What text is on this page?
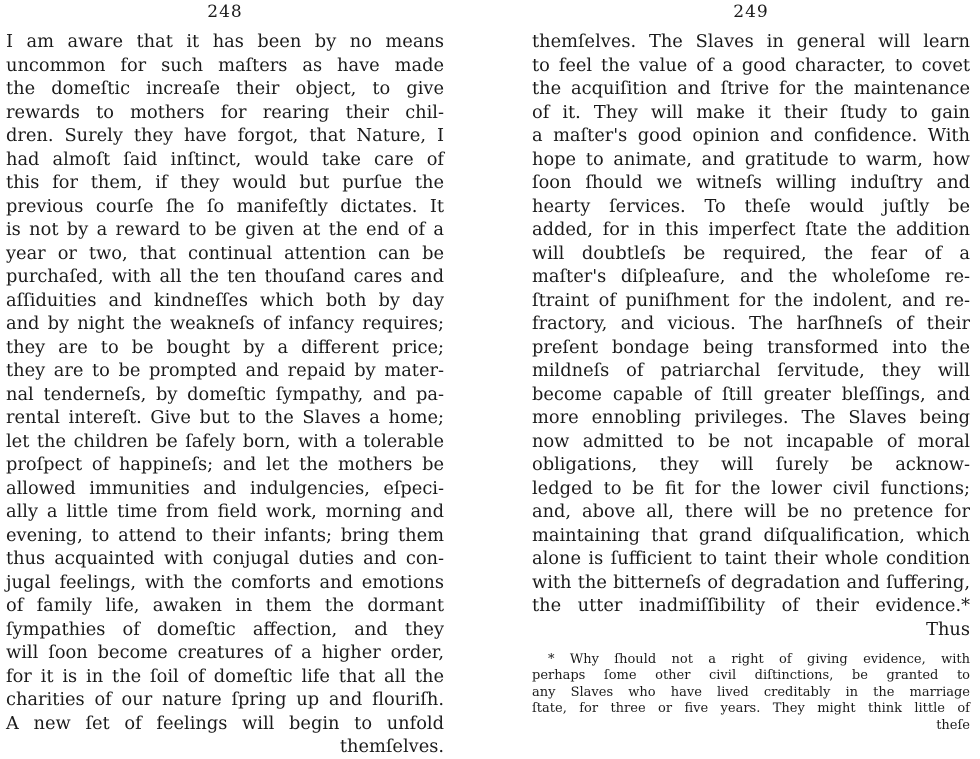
248
I am aware that it has been by no means
uncommon for such maſters as have made
the domeſtic increaſe their object, to give
rewards to mothers for rearing their chil-
dren. Surely they have forgot, that Nature, I
had almoſt ſaid inſtinct, would take care of
this for them, if they would but purſue the
previous courſe ſhe ſo manifeſtly dictates. It
is not by a reward to be given at the end of a
year or two, that continual attention can be
purchaſed, with all the ten thouſand cares and
aſſiduities and kindneſſes which both by day
and by night the weakneſs of infancy requires;
they are to be bought by a different price;
they are to be prompted and repaid by mater-
nal tenderneſs, by domeſtic ſympathy, and pa-
rental intereſt. Give but to the Slaves a home;
let the children be ſafely born, with a tolerable
proſpect of happineſs; and let the mothers be
allowed immunities and indulgencies, eſpeci-
ally a little time from field work, morning and
evening, to attend to their infants; bring them
thus acquainted with conjugal duties and con-
jugal feelings, with the comforts and emotions
of family life, awaken in them the dormant
ſympathies of domeſtic affection, and they
will ſoon become creatures of a higher order,
for it is in the ſoil of domeſtic life that all the
charities of our nature ſpring up and flouriſh.
A new ſet of feelings will begin to unfold
themſelves.
249
themſelves. The Slaves in general will learn
to feel the value of a good character, to covet
the acquiſition and ſtrive for the maintenance
of it. They will make it their ſtudy to gain
a maſter's good opinion and confidence. With
hope to animate, and gratitude to warm, how
ſoon ſhould we witneſs willing induſtry and
hearty ſervices. To theſe would juſtly be
added, for in this imperfect ſtate the addition
will doubtleſs be required, the fear of a
maſter's diſpleaſure, and the wholeſome re-
ſtraint of puniſhment for the indolent, and re-
fractory, and vicious. The harſhneſs of their
preſent bondage being transformed into the
mildneſs of patriarchal ſervitude, they will
become capable of ſtill greater bleſſings, and
more ennobling privileges. The Slaves being
now admitted to be not incapable of moral
obligations, they will ſurely be acknow-
ledged to be fit for the lower civil functions;
and, above all, there will be no pretence for
maintaining that grand diſqualification, which
alone is ſufficient to taint their whole condition
with the bitterneſs of degradation and ſuffering,
the utter inadmiſſibility of their evidence.*
Thus
* Why ſhould not a right of giving evidence, with
perhaps ſome other civil diſtinctions, be granted to
any Slaves who have lived creditably in the marriage
ſtate, for three or five years. They might think little of
theſe
